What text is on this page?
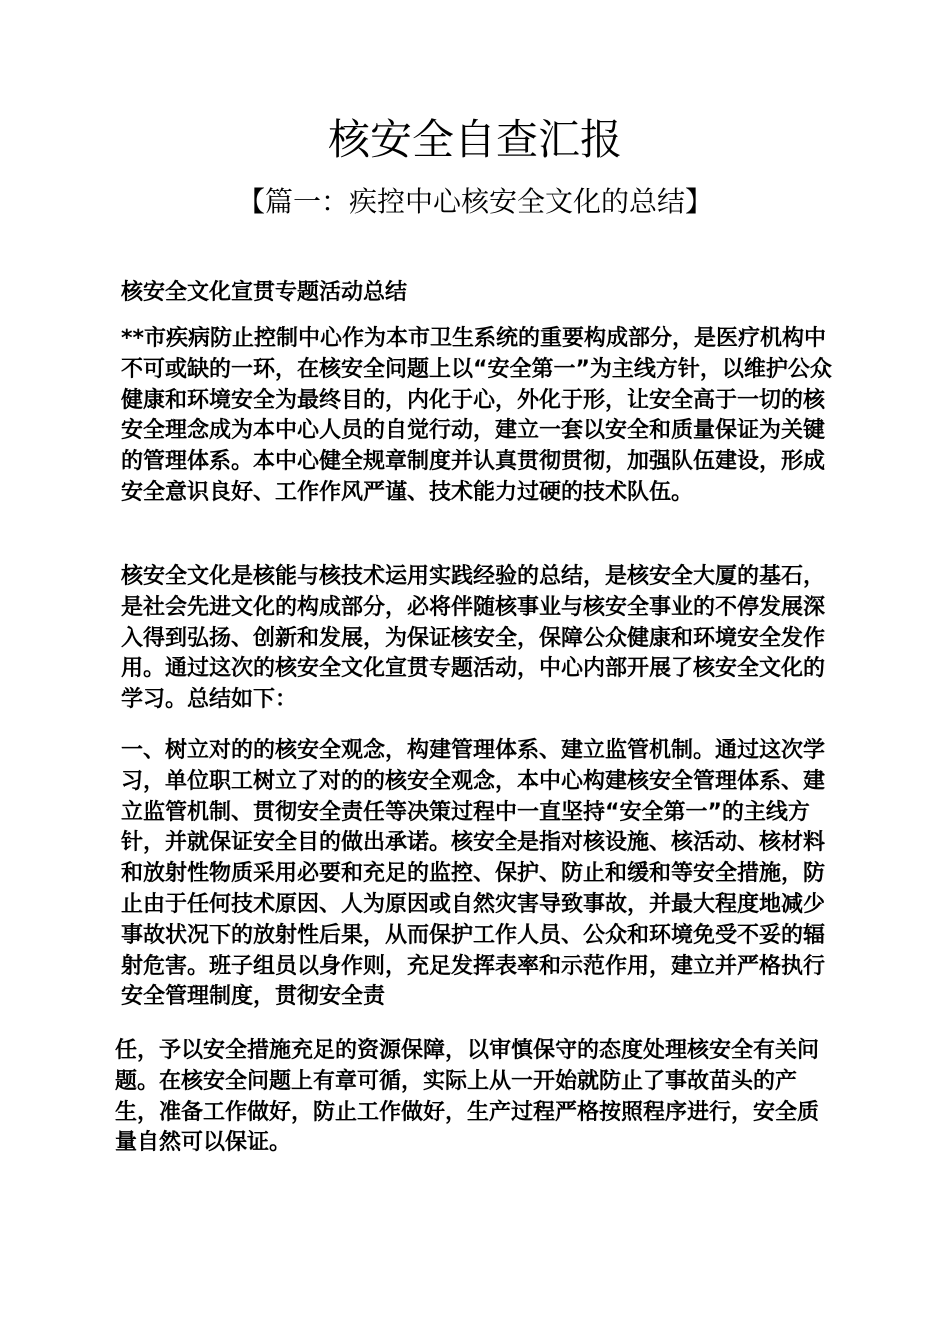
核安全自查汇报
【篇一：疾控中心核安全文化的总结】

核安全文化宣贯专题活动总结

**市疾病防止控制中心作为本市卫生系统的重要构成部分，是医疗机构中不可或缺的一环，在核安全问题上以“安全第一”为主线方针，以维护公众健康和环境安全为最终目的，内化于心，外化于形，让安全高于一切的核安全理念成为本中心人员的自觉行动，建立一套以安全和质量保证为关键的管理体系。本中心健全规章制度并认真贯彻贯彻，加强队伍建设，形成安全意识良好、工作作风严谨、技术能力过硬的技术队伍。

核安全文化是核能与核技术运用实践经验的总结，是核安全大厦的基石，是社会先进文化的构成部分，必将伴随核事业与核安全事业的不停发展深入得到弘扬、创新和发展，为保证核安全，保障公众健康和环境安全发作用。通过这次的核安全文化宣贯专题活动，中心内部开展了核安全文化的学习。总结如下：

一、树立对的的核安全观念，构建管理体系、建立监管机制。通过这次学习，单位职工树立了对的的核安全观念，本中心构建核安全管理体系、建立监管机制、贯彻安全责任等决策过程中一直坚持“安全第一”的主线方针，并就保证安全目的做出承诺。核安全是指对核设施、核活动、核材料和放射性物质采用必要和充足的监控、保护、防止和缓和等安全措施，防止由于任何技术原因、人为原因或自然灾害导致事故，并最大程度地减少事故状况下的放射性后果，从而保护工作人员、公众和环境免受不妥的辐射危害。班子组员以身作则，充足发挥表率和示范作用，建立并严格执行安全管理制度，贯彻安全责

任，予以安全措施充足的资源保障，以审慎保守的态度处理核安全有关问题。在核安全问题上有章可循，实际上从一开始就防止了事故苗头的产生，准备工作做好，防止工作做好，生产过程严格按照程序进行，安全质量自然可以保证。
